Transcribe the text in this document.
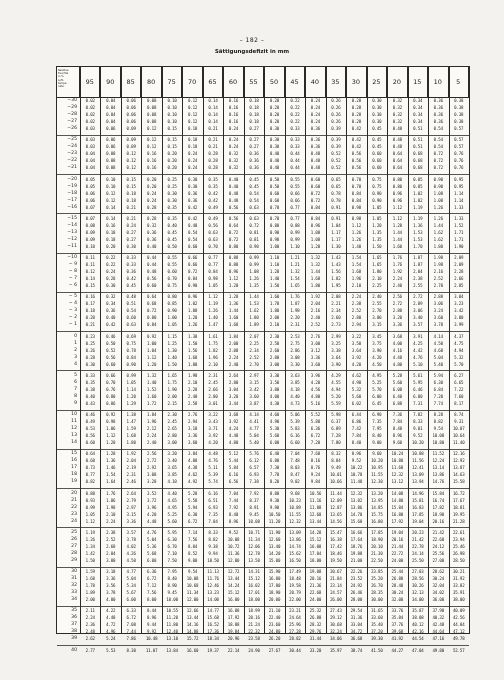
– 182 –
Sättigungsdefizit in mm
Relative
Feuchte
in %
Luft-
tempe-
ratur
95	90	85	80	75	70	65	60	55	50	45	40	35	30	25	20	15	10	5
−30	0.02	0.04	0.06	0.08	0.10	0.12	0.14	0.16	0.18	0.20	0.22	0.24	0.26	0.28	0.30	0.32	0.34	0.36	0.38
−29	0.02	0.04	0.06	0.08	0.10	0.12	0.14	0.16	0.18	0.20	0.22	0.24	0.26	0.28	0.30	0.32	0.34	0.36	0.38
−28	0.02	0.04	0.06	0.08	0.10	0.12	0.14	0.16	0.18	0.20	0.22	0.24	0.26	0.28	0.30	0.32	0.34	0.36	0.38
−27	0.02	0.04	0.06	0.08	0.10	0.12	0.14	0.16	0.18	0.20	0.22	0.24	0.26	0.28	0.30	0.32	0.34	0.36	0.38
−26	0.03	0.06	0.09	0.12	0.15	0.18	0.21	0.24	0.27	0.30	0.33	0.36	0.39	0.42	0.45	0.48	0.51	0.54	0.57
−25	0.03	0.06	0.09	0.12	0.15	0.18	0.21	0.24	0.27	0.30	0.33	0.36	0.39	0.42	0.45	0.48	0.51	0.54	0.57
−24	0.03	0.06	0.09	0.12	0.15	0.18	0.21	0.24	0.27	0.30	0.33	0.36	0.39	0.42	0.45	0.48	0.51	0.54	0.57
−23	0.04	0.08	0.12	0.16	0.20	0.24	0.28	0.32	0.36	0.40	0.44	0.48	0.52	0.56	0.60	0.64	0.68	0.72	0.76
−22	0.04	0.08	0.12	0.16	0.20	0.24	0.28	0.32	0.36	0.40	0.44	0.48	0.52	0.56	0.60	0.64	0.68	0.72	0.76
−21	0.04	0.08	0.12	0.16	0.20	0.24	0.28	0.32	0.36	0.40	0.44	0.48	0.52	0.56	0.60	0.64	0.68	0.72	0.76
−20	0.05	0.10	0.15	0.20	0.25	0.30	0.35	0.40	0.45	0.50	0.55	0.60	0.65	0.70	0.75	0.80	0.85	0.90	0.95
−19	0.05	0.10	0.15	0.20	0.25	0.30	0.35	0.40	0.45	0.50	0.55	0.60	0.65	0.70	0.75	0.80	0.85	0.90	0.95
−18	0.06	0.12	0.18	0.24	0.30	0.36	0.42	0.48	0.54	0.60	0.66	0.72	0.78	0.84	0.90	0.96	1.02	1.08	1.14
−17	0.06	0.12	0.18	0.24	0.30	0.36	0.42	0.48	0.54	0.60	0.66	0.72	0.78	0.84	0.90	0.96	1.02	1.08	1.14
−16	0.07	0.14	0.21	0.28	0.35	0.42	0.49	0.56	0.63	0.70	0.77	0.84	0.91	0.98	1.05	1.12	1.19	1.26	1.33
−15	0.07	0.14	0.21	0.28	0.35	0.42	0.49	0.56	0.63	0.70	0.77	0.84	0.91	0.98	1.05	1.12	1.19	1.26	1.33
−14	0.08	0.16	0.24	0.32	0.40	0.48	0.56	0.64	0.72	0.80	0.88	0.96	1.04	1.12	1.20	1.28	1.36	1.44	1.52
−13	0.09	0.18	0.27	0.36	0.45	0.54	0.63	0.72	0.81	0.90	0.99	1.08	1.17	1.26	1.35	1.44	1.53	1.62	1.71
−12	0.09	0.18	0.27	0.36	0.45	0.54	0.63	0.72	0.81	0.90	0.99	1.08	1.17	1.26	1.35	1.44	1.53	1.62	1.71
−11	0.10	0.20	0.30	0.40	0.50	0.60	0.70	0.80	0.90	1.00	1.10	1.20	1.30	1.40	1.50	1.60	1.70	1.80	1.90
−10	0.11	0.22	0.33	0.44	0.55	0.66	0.77	0.88	0.99	1.10	1.21	1.32	1.43	1.54	1.65	1.76	1.87	1.98	2.09
− 9	0.11	0.22	0.33	0.44	0.55	0.66	0.77	0.88	0.99	1.10	1.21	1.32	1.43	1.54	1.65	1.76	1.87	1.98	2.09
− 8	0.12	0.24	0.36	0.48	0.60	0.72	0.84	0.96	1.08	1.20	1.32	1.44	1.56	1.68	1.80	1.92	2.04	2.16	2.28
− 7	0.14	0.28	0.42	0.56	0.70	0.84	0.98	1.12	1.26	1.40	1.54	1.68	1.82	1.96	2.10	2.24	2.38	2.52	2.66
− 6	0.15	0.30	0.45	0.60	0.75	0.90	1.05	1.20	1.35	1.50	1.65	1.80	1.95	2.10	2.25	2.40	2.55	2.70	2.85
− 5	0.16	0.32	0.48	0.64	0.80	0.96	1.12	1.28	1.44	1.60	1.76	1.92	2.08	2.24	2.40	2.56	2.72	2.88	3.04
− 4	0.17	0.34	0.51	0.68	0.85	1.02	1.19	1.36	1.53	1.70	1.87	2.04	2.21	2.38	2.55	2.72	2.89	3.06	3.23
− 3	0.18	0.36	0.54	0.72	0.90	1.08	1.26	1.44	1.62	1.80	1.98	2.16	2.34	2.52	2.70	2.88	3.06	3.24	3.42
− 2	0.20	0.40	0.60	0.80	1.00	1.20	1.40	1.60	1.80	2.00	2.20	2.40	2.60	2.80	3.00	3.20	3.40	3.60	3.80
− 1	0.21	0.42	0.63	0.84	1.05	1.26	1.47	1.68	1.89	2.10	2.31	2.52	2.73	2.94	3.15	3.36	3.57	3.78	3.99
0	0.23	0.46	0.69	0.92	1.15	1.38	1.61	1.84	2.07	2.30	2.53	2.76	2.99	3.22	3.45	3.68	3.91	4.14	4.37
1	0.25	0.50	0.75	1.00	1.25	1.50	1.75	2.00	2.25	2.50	2.75	3.00	3.25	3.50	3.75	4.00	4.25	4.50	4.75
2	0.26	0.52	0.78	1.04	1.30	1.56	1.82	2.08	2.34	2.60	2.86	3.12	3.38	3.64	3.90	4.16	4.42	4.68	4.94
3	0.28	0.56	0.84	1.12	1.40	1.68	1.96	2.24	2.52	2.80	3.08	3.36	3.64	3.92	4.20	4.48	4.76	5.04	5.32
4	0.30	0.60	0.90	1.20	1.50	1.80	2.10	2.40	2.70	3.00	3.30	3.60	3.90	4.20	4.50	4.80	5.10	5.40	5.70
5	0.33	0.66	0.99	1.32	1.65	1.98	2.31	2.64	2.97	3.30	3.63	3.96	4.29	4.62	4.95	5.28	5.61	5.94	6.27
6	0.35	0.70	1.05	1.40	1.75	2.10	2.45	2.80	3.15	3.50	3.85	4.20	4.55	4.90	5.25	5.60	5.95	6.30	6.65
7	0.38	0.76	1.14	1.52	1.90	2.28	2.66	3.04	3.42	3.80	4.18	4.56	4.94	5.32	5.70	6.08	6.46	6.84	7.22
8	0.40	0.80	1.20	1.60	2.00	2.40	2.80	3.20	3.60	4.00	4.40	4.80	5.20	5.60	6.00	6.40	6.80	7.20	7.60
9	0.43	0.86	1.29	1.72	2.15	2.58	3.01	3.44	3.87	4.30	4.73	5.16	5.59	6.02	6.45	6.88	7.31	7.74	8.17
10	0.46	0.92	1.38	1.84	2.30	2.76	3.22	3.68	4.14	4.60	5.06	5.52	5.98	6.44	6.90	7.36	7.82	8.28	8.74
11	0.49	0.98	1.47	1.96	2.45	2.94	3.43	3.92	4.41	4.90	5.39	5.88	6.37	6.86	7.35	7.84	8.33	8.82	9.31
12	0.53	1.06	1.59	2.12	2.65	3.18	3.71	4.24	4.77	5.30	5.83	6.36	6.89	7.42	7.95	8.48	9.01	9.54	10.07
13	0.56	1.12	1.68	2.24	2.80	3.36	3.92	4.48	5.04	5.60	6.16	6.72	7.28	7.84	8.40	8.96	9.52	10.08	10.64
14	0.60	1.20	1.80	2.40	3.00	3.60	4.20	4.80	5.40	6.00	6.60	7.20	7.80	8.40	9.00	9.60	10.20	10.80	11.40
15	0.64	1.28	1.92	2.56	3.20	3.84	4.48	5.12	5.76	6.40	7.04	7.68	8.32	8.96	9.60	10.24	10.88	11.52	12.16
16	0.68	1.36	2.04	2.72	3.40	4.08	4.76	5.44	6.12	6.80	7.48	8.16	8.84	9.52	10.20	10.88	11.56	12.24	12.92
17	0.73	1.46	2.19	2.92	3.65	4.38	5.11	5.84	6.57	7.30	8.03	8.76	9.49	10.22	10.95	11.68	12.41	13.14	13.87
18	0.77	1.54	2.31	3.08	3.85	4.62	5.39	6.16	6.93	7.70	8.47	9.24	10.01	10.78	11.55	12.32	13.09	13.86	14.63
19	0.82	1.64	2.46	3.28	4.10	4.92	5.74	6.56	7.38	8.20	9.02	9.84	10.66	11.48	12.30	13.12	13.94	14.76	15.58
20	0.88	1.76	2.64	3.52	4.40	5.28	6.16	7.04	7.92	8.80	9.68	10.56	11.44	12.32	13.20	14.08	14.96	15.84	16.72
21	0.93	1.86	2.79	3.72	4.65	5.58	6.51	7.44	8.37	9.30	10.23	11.16	12.09	13.02	13.95	14.88	15.81	16.74	17.67
22	0.99	1.98	2.97	3.96	4.95	5.94	6.93	7.92	8.91	9.90	10.89	11.88	12.87	13.86	14.85	15.84	16.83	17.82	18.81
23	1.05	2.10	3.15	4.20	5.25	6.30	7.35	8.40	9.45	10.50	11.55	12.60	13.65	14.70	15.75	16.80	17.85	18.90	19.95
24	1.12	2.24	3.36	4.48	5.60	6.72	7.84	8.96	10.08	11.20	12.32	13.44	14.56	15.68	16.80	17.92	19.04	20.16	21.28
25	1.19	2.38	3.57	4.76	5.95	7.14	8.33	9.52	10.71	11.90	13.09	14.28	15.47	16.66	17.85	19.04	20.23	21.42	22.61
26	1.26	2.52	3.78	5.04	6.30	7.56	8.82	10.08	11.34	12.60	13.86	15.12	16.38	17.64	18.90	20.16	21.42	22.68	23.94
27	1.34	2.68	4.02	5.36	6.70	8.04	9.38	10.72	12.06	13.40	14.74	16.08	17.42	18.76	20.10	21.44	22.78	24.12	25.46
28	1.42	2.84	4.26	5.68	7.10	8.52	9.94	11.36	12.78	14.20	15.62	17.04	18.46	19.88	21.30	22.72	24.14	25.56	26.98
29	1.50	3.00	4.50	6.00	7.50	9.00	10.50	12.00	13.50	15.00	16.50	18.00	19.50	21.00	22.50	24.00	25.50	27.00	28.50
30	1.59	3.18	4.77	6.36	7.95	9.54	11.13	12.72	14.31	15.90	17.49	19.08	20.67	22.26	23.85	25.44	27.03	28.62	30.21
31	1.68	3.36	5.04	6.72	8.40	10.08	11.76	13.44	15.12	16.80	18.48	20.16	21.84	23.52	25.20	26.88	28.56	30.24	31.92
32	1.78	3.56	5.34	7.12	8.90	10.68	12.46	14.24	16.02	17.80	19.58	21.36	23.14	24.92	26.70	28.48	30.26	32.04	33.82
33	1.89	3.78	5.67	7.56	9.45	11.34	13.23	15.12	17.01	18.90	20.79	22.68	24.57	26.46	28.35	30.24	32.13	34.02	35.91
34	2.00	4.00	6.00	8.00	10.00	12.00	14.00	16.00	18.00	20.00	22.00	24.00	26.00	28.00	30.00	32.00	34.00	36.00	38.00
35	2.11	4.22	6.33	8.44	10.55	12.66	14.77	16.88	18.99	21.10	23.21	25.32	27.43	29.54	31.65	33.76	35.87	37.98	40.09
36	2.24	4.48	6.72	8.96	11.20	13.44	15.68	17.92	20.16	22.40	24.64	26.88	29.12	31.36	33.60	35.84	38.08	40.32	42.56
37	2.36	4.72	7.08	9.44	11.80	14.16	16.52	18.88	21.24	23.60	25.96	28.32	30.68	33.04	35.40	37.76	40.12	42.48	44.84
38	2.48	4.96	7.44	9.92	12.40	14.88	17.36	19.84	22.32	24.80	27.28	29.76	32.24	34.72	37.20	39.68	42.16	44.64	47.12
39	2.62	5.24	7.86	10.48	13.10	15.72	18.34	20.96	23.58	26.20	28.82	31.44	34.06	36.68	39.30	41.92	44.54	47.16	49.78
40	2.77	5.53	8.30	11.07	13.84	16.60	19.37	22.14	24.90	27.67	30.44	33.20	35.97	38.74	41.50	44.27	47.04	49.80	52.57
